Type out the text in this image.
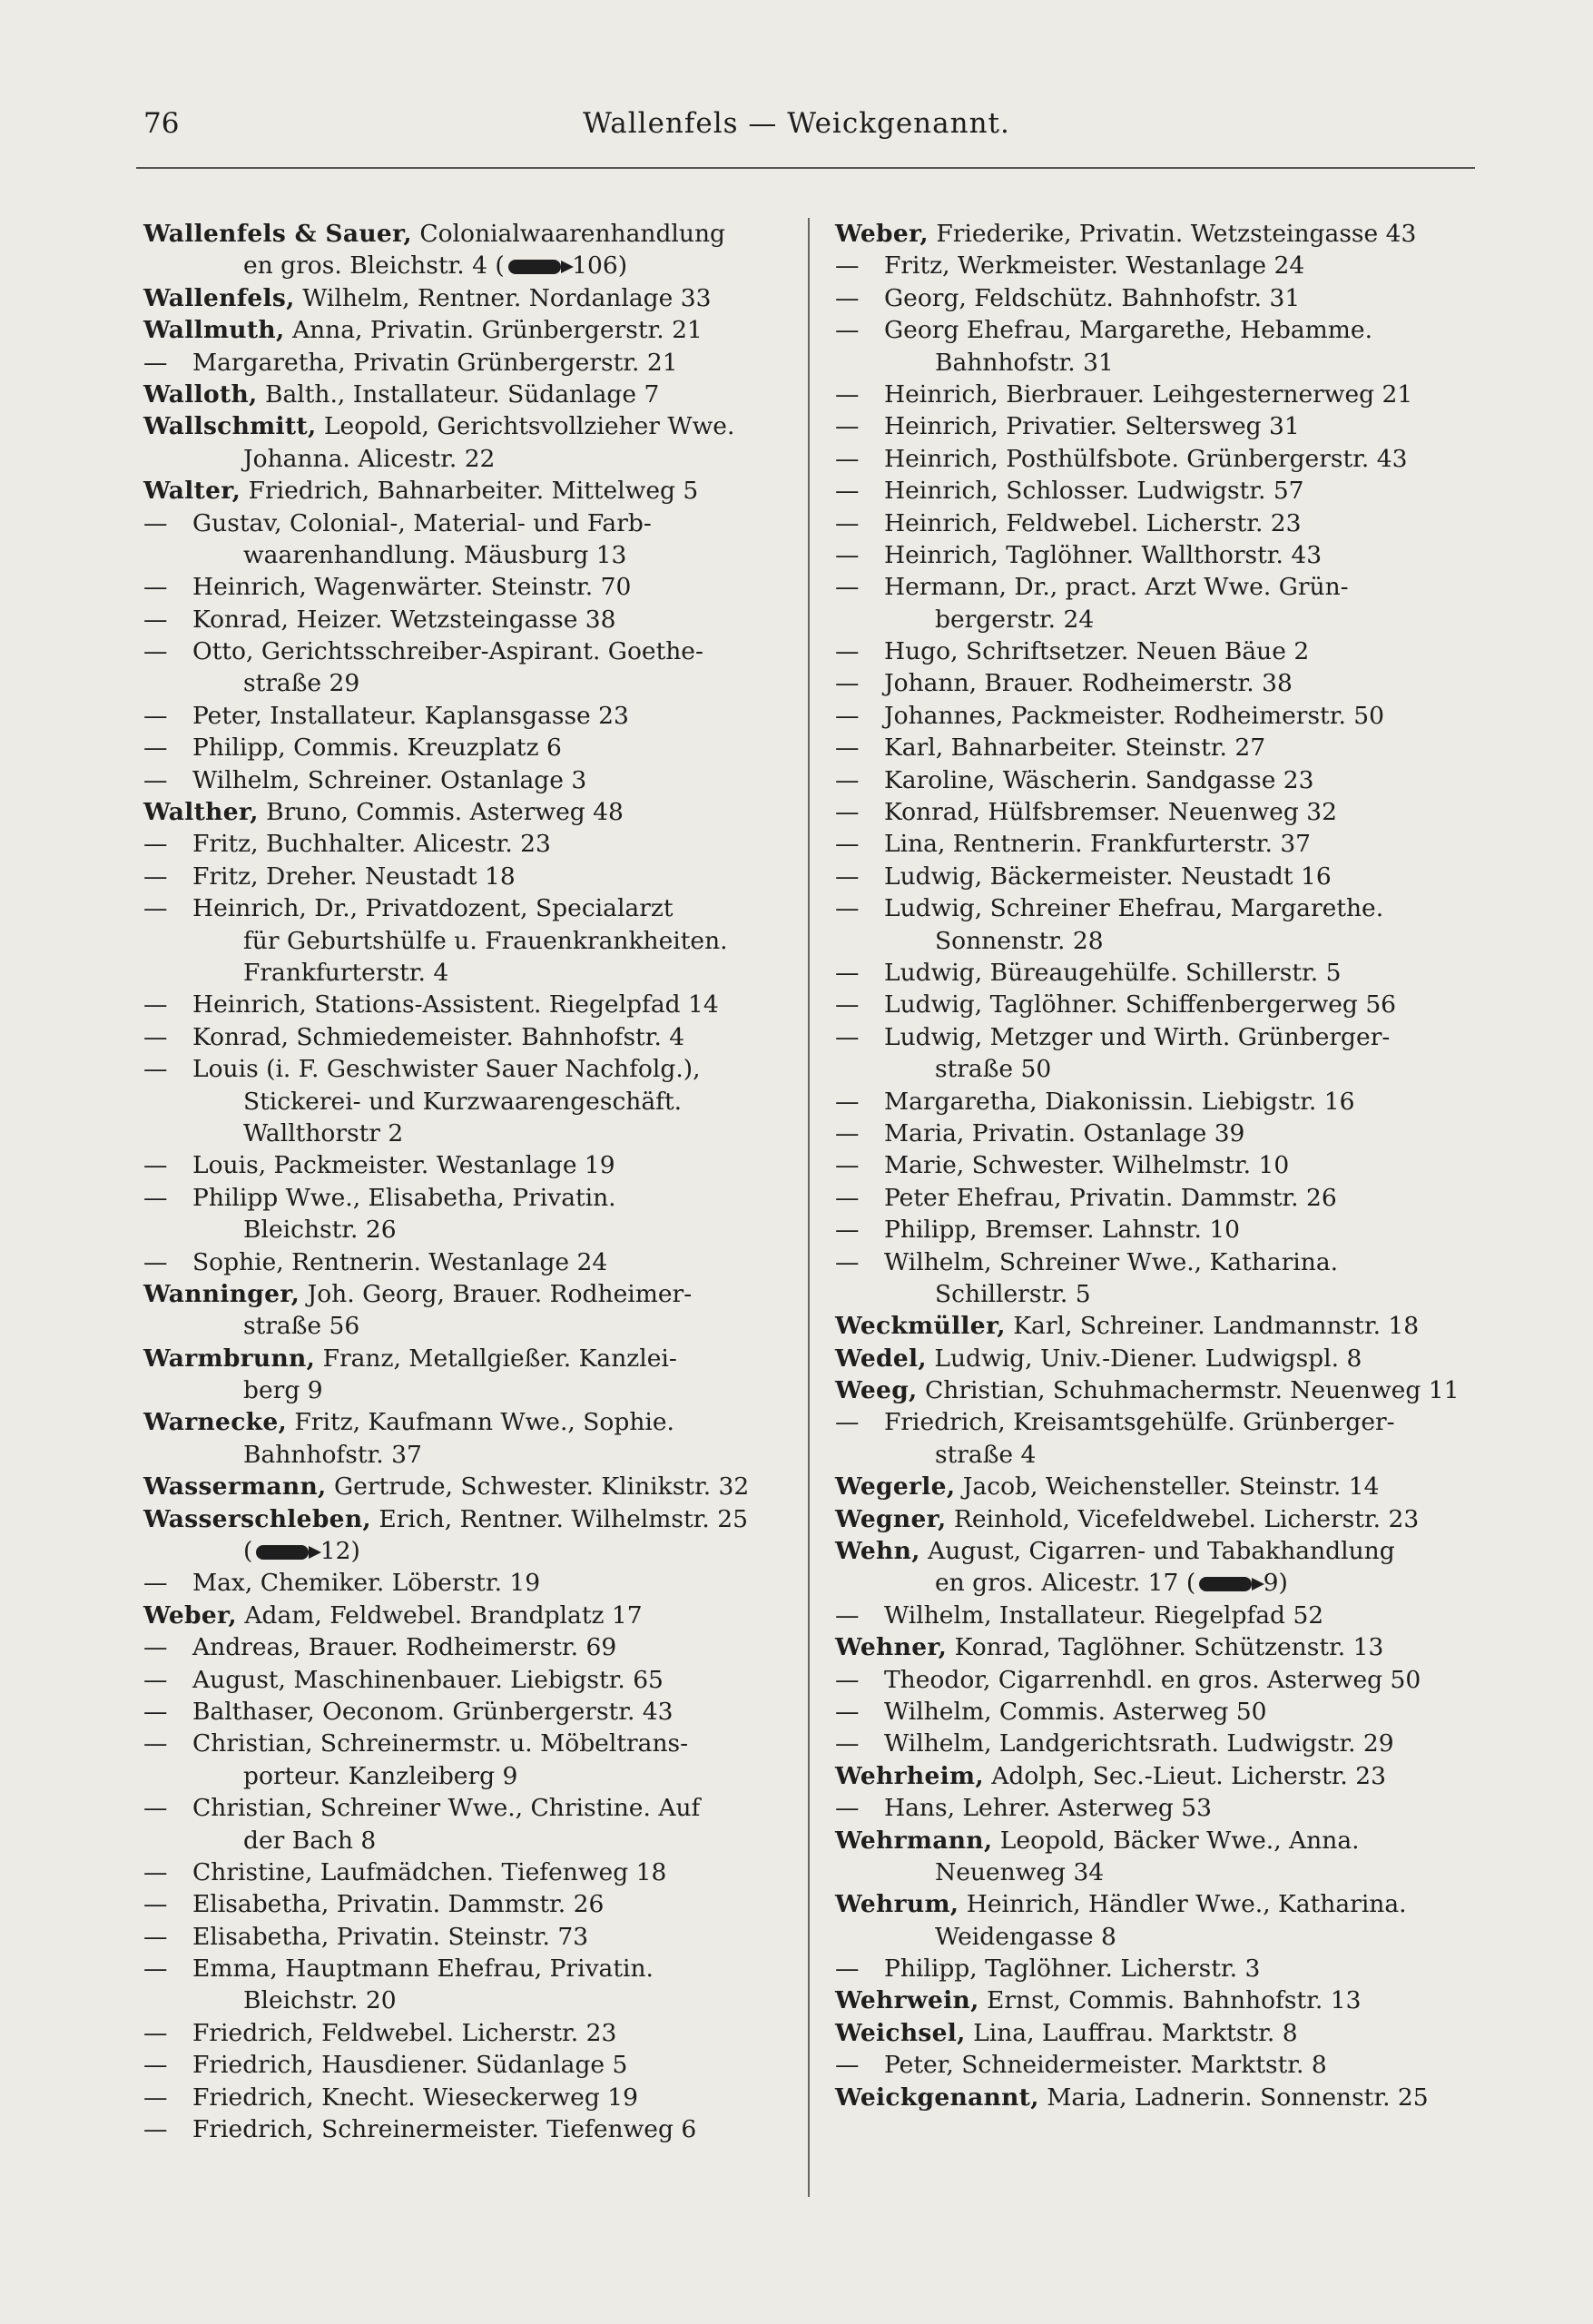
76	Wallenfels — Weickgenannt.
Wallenfels & Sauer, Colonialwaarenhandlung
en gros. Bleichstr. 4 ( 106)
Wallenfels, Wilhelm, Rentner. Nordanlage 33
Wallmuth, Anna, Privatin. Grünbergerstr. 21
—Margaretha, Privatin Grünbergerstr. 21
Walloth, Balth., Installateur. Südanlage 7
Wallschmitt, Leopold, Gerichtsvollzieher Wwe.
Johanna. Alicestr. 22
Walter, Friedrich, Bahnarbeiter. Mittelweg 5
—Gustav, Colonial-, Material- und Farb-
waarenhandlung. Mäusburg 13
—Heinrich, Wagenwärter. Steinstr. 70
—Konrad, Heizer. Wetzsteingasse 38
—Otto, Gerichtsschreiber-Aspirant. Goethe-
straße 29
—Peter, Installateur. Kaplansgasse 23
—Philipp, Commis. Kreuzplatz 6
—Wilhelm, Schreiner. Ostanlage 3
Walther, Bruno, Commis. Asterweg 48
—Fritz, Buchhalter. Alicestr. 23
—Fritz, Dreher. Neustadt 18
—Heinrich, Dr., Privatdozent, Specialarzt
für Geburtshülfe u. Frauenkrankheiten.
Frankfurterstr. 4
—Heinrich, Stations-Assistent. Riegelpfad 14
—Konrad, Schmiedemeister. Bahnhofstr. 4
—Louis (i. F. Geschwister Sauer Nachfolg.),
Stickerei- und Kurzwaarengeschäft.
Wallthorstr 2
—Louis, Packmeister. Westanlage 19
—Philipp Wwe., Elisabetha, Privatin.
Bleichstr. 26
—Sophie, Rentnerin. Westanlage 24
Wanninger, Joh. Georg, Brauer. Rodheimer-
straße 56
Warmbrunn, Franz, Metallgießer. Kanzlei-
berg 9
Warnecke, Fritz, Kaufmann Wwe., Sophie.
Bahnhofstr. 37
Wassermann, Gertrude, Schwester. Klinikstr. 32
Wasserschleben, Erich, Rentner. Wilhelmstr. 25
( 12)
—Max, Chemiker. Löberstr. 19
Weber, Adam, Feldwebel. Brandplatz 17
—Andreas, Brauer. Rodheimerstr. 69
—August, Maschinenbauer. Liebigstr. 65
—Balthaser, Oeconom. Grünbergerstr. 43
—Christian, Schreinermstr. u. Möbeltrans-
porteur. Kanzleiberg 9
—Christian, Schreiner Wwe., Christine. Auf
der Bach 8
—Christine, Laufmädchen. Tiefenweg 18
—Elisabetha, Privatin. Dammstr. 26
—Elisabetha, Privatin. Steinstr. 73
—Emma, Hauptmann Ehefrau, Privatin.
Bleichstr. 20
—Friedrich, Feldwebel. Licherstr. 23
—Friedrich, Hausdiener. Südanlage 5
—Friedrich, Knecht. Wieseckerweg 19
—Friedrich, Schreinermeister. Tiefenweg 6
Weber, Friederike, Privatin. Wetzsteingasse 43
—Fritz, Werkmeister. Westanlage 24
—Georg, Feldschütz. Bahnhofstr. 31
—Georg Ehefrau, Margarethe, Hebamme.
Bahnhofstr. 31
—Heinrich, Bierbrauer. Leihgesternerweg 21
—Heinrich, Privatier. Seltersweg 31
—Heinrich, Posthülfsbote. Grünbergerstr. 43
—Heinrich, Schlosser. Ludwigstr. 57
—Heinrich, Feldwebel. Licherstr. 23
—Heinrich, Taglöhner. Wallthorstr. 43
—Hermann, Dr., pract. Arzt Wwe. Grün-
bergerstr. 24
—Hugo, Schriftsetzer. Neuen Bäue 2
—Johann, Brauer. Rodheimerstr. 38
—Johannes, Packmeister. Rodheimerstr. 50
—Karl, Bahnarbeiter. Steinstr. 27
—Karoline, Wäscherin. Sandgasse 23
—Konrad, Hülfsbremser. Neuenweg 32
—Lina, Rentnerin. Frankfurterstr. 37
—Ludwig, Bäckermeister. Neustadt 16
—Ludwig, Schreiner Ehefrau, Margarethe.
Sonnenstr. 28
—Ludwig, Büreaugehülfe. Schillerstr. 5
—Ludwig, Taglöhner. Schiffenbergerweg 56
—Ludwig, Metzger und Wirth. Grünberger-
straße 50
—Margaretha, Diakonissin. Liebigstr. 16
—Maria, Privatin. Ostanlage 39
—Marie, Schwester. Wilhelmstr. 10
—Peter Ehefrau, Privatin. Dammstr. 26
—Philipp, Bremser. Lahnstr. 10
—Wilhelm, Schreiner Wwe., Katharina.
Schillerstr. 5
Weckmüller, Karl, Schreiner. Landmannstr. 18
Wedel, Ludwig, Univ.-Diener. Ludwigspl. 8
Weeg, Christian, Schuhmachermstr. Neuenweg 11
—Friedrich, Kreisamtsgehülfe. Grünberger-
straße 4
Wegerle, Jacob, Weichensteller. Steinstr. 14
Wegner, Reinhold, Vicefeldwebel. Licherstr. 23
Wehn, August, Cigarren- und Tabakhandlung
en gros. Alicestr. 17 ( 9)
—Wilhelm, Installateur. Riegelpfad 52
Wehner, Konrad, Taglöhner. Schützenstr. 13
—Theodor, Cigarrenhdl. en gros. Asterweg 50
—Wilhelm, Commis. Asterweg 50
—Wilhelm, Landgerichtsrath. Ludwigstr. 29
Wehrheim, Adolph, Sec.-Lieut. Licherstr. 23
—Hans, Lehrer. Asterweg 53
Wehrmann, Leopold, Bäcker Wwe., Anna.
Neuenweg 34
Wehrum, Heinrich, Händler Wwe., Katharina.
Weidengasse 8
—Philipp, Taglöhner. Licherstr. 3
Wehrwein, Ernst, Commis. Bahnhofstr. 13
Weichsel, Lina, Lauffrau. Marktstr. 8
—Peter, Schneidermeister. Marktstr. 8
Weickgenannt, Maria, Ladnerin. Sonnenstr. 25
